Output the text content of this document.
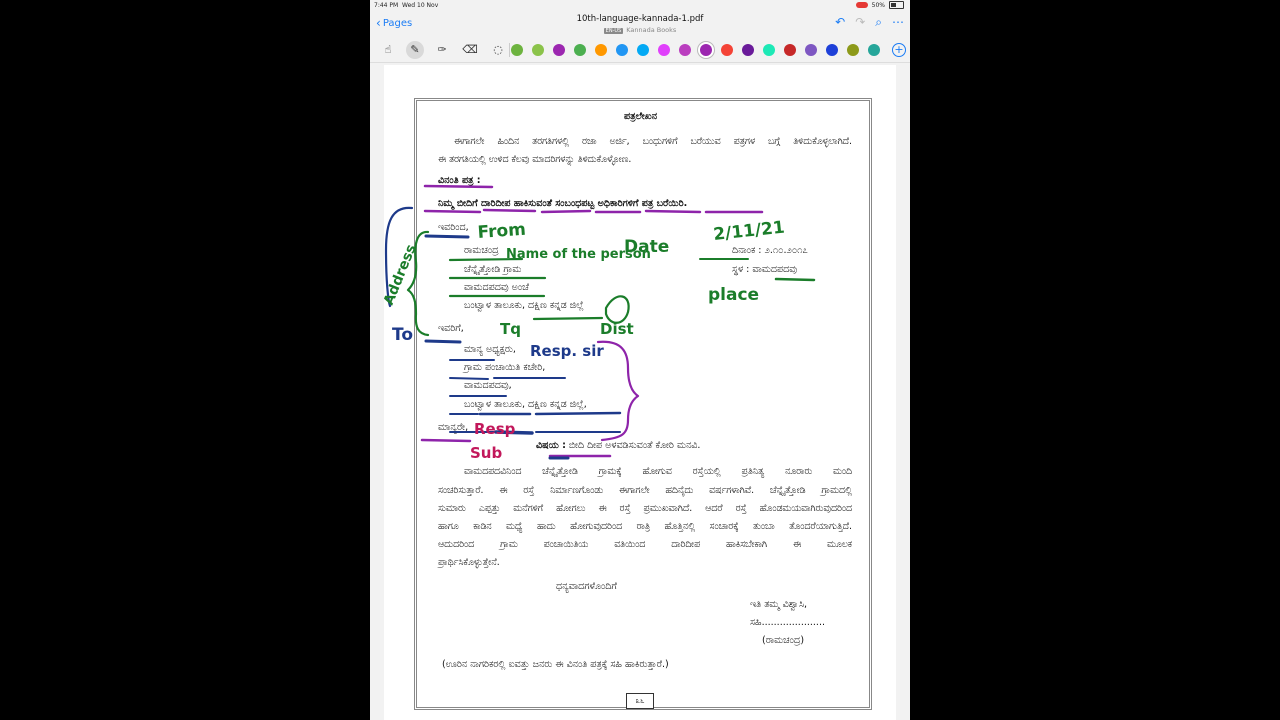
7:44 PM Wed 10 Nov	50%
‹ Pages	10th-language-kannada-1.pdf
EN-US Kannada Books
↶ ↷ ⌕ ⋯
☝	✎	✑	⌫	◌	+
ಪತ್ರಲೇಖನ
ಈಗಾಗಲೇ ಹಿಂದಿನ ತರಗತಿಗಳಲ್ಲಿ ರಜಾ ಅರ್ಜಿ, ಬಂಧುಗಳಿಗೆ ಬರೆಯುವ ಪತ್ರಗಳ ಬಗ್ಗೆ ತಿಳಿದುಕೊಳ್ಳಲಾಗಿದೆ.
ಈ ತರಗತಿಯಲ್ಲಿ ಉಳಿದ ಕೆಲವು ಮಾದರಿಗಳನ್ನು ತಿಳಿದುಕೊಳ್ಳೋಣ.
ವಿನಂತಿ ಪತ್ರ :
ನಿಮ್ಮ ಬೀದಿಗೆ ದಾರಿದೀಪ ಹಾಕಿಸುವಂತೆ ಸಂಬಂಧಪಟ್ಟ ಅಧಿಕಾರಿಗಳಿಗೆ ಪತ್ರ ಬರೆಯಿರಿ.
ಇವರಿಂದ,
ರಾಮಚಂದ್ರ
ಚೆನ್ನೈತ್ತೋಡಿ ಗ್ರಾಮ
ವಾಮದಪದವು ಅಂಚೆ
ಬಂಟ್ವಾಳ ತಾಲೂಕು, ದಕ್ಷಿಣ ಕನ್ನಡ ಜಿಲ್ಲೆ
ದಿನಾಂಕ : ೨.೧೦.೨೦೧೭
ಸ್ಥಳ : ವಾಮದಪದವು
ಇವರಿಗೆ,
ಮಾನ್ಯ ಅಧ್ಯಕ್ಷರು,
ಗ್ರಾಮ ಪಂಚಾಯಿತಿ ಕಚೇರಿ,
ವಾಮದಪದವು,
ಬಂಟ್ವಾಳ ತಾಲೂಕು, ದಕ್ಷಿಣ ಕನ್ನಡ ಜಿಲ್ಲೆ,
ಮಾನ್ಯರೇ,
ವಿಷಯ : ಬೀದಿ ದೀಪ ಅಳವಡಿಸುವಂತೆ ಕೋರಿ ಮನವಿ.
ವಾಮದಪದವಿನಿಂದ ಚೆನ್ನೈತ್ತೋಡಿ ಗ್ರಾಮಕ್ಕೆ ಹೋಗುವ ರಸ್ತೆಯಲ್ಲಿ ಪ್ರತಿನಿತ್ಯ ನೂರಾರು ಮಂದಿ
ಸಂಚರಿಸುತ್ತಾರೆ. ಈ ರಸ್ತೆ ನಿರ್ಮಾಣಗೊಂಡು ಈಗಾಗಲೇ ಹದಿನೈದು ವರ್ಷಗಳಾಗಿವೆ. ಚೆನ್ನೈತ್ತೋಡಿ ಗ್ರಾಮದಲ್ಲಿ
ಸುಮಾರು ಎಪ್ಪತ್ತು ಮನೆಗಳಿಗೆ ಹೋಗಲು ಈ ರಸ್ತೆ ಪ್ರಮುಖವಾಗಿದೆ. ಆದರೆ ರಸ್ತೆ ಹೊಂಡಮಯವಾಗಿರುವುದರಿಂದ
ಹಾಗೂ ಕಾಡಿನ ಮಧ್ಯೆ ಹಾದು ಹೋಗುವುದರಿಂದ ರಾತ್ರಿ ಹೊತ್ತಿನಲ್ಲಿ ಸಂಚಾರಕ್ಕೆ ತುಂಬಾ ತೊಂದರೆಯಾಗುತ್ತಿದೆ.
ಆದುದರಿಂದ ಗ್ರಾಮ ಪಂಚಾಯಿತಿಯ ವತಿಯಿಂದ ದಾರಿದೀಪ ಹಾಕಿಸಬೇಕಾಗಿ ಈ ಮೂಲಕ
ಪ್ರಾರ್ಥಿಸಿಕೊಳ್ಳುತ್ತೇನೆ.
ಧನ್ಯವಾದಗಳೊಂದಿಗೆ
ಇತಿ ತಮ್ಮ ವಿಶ್ವಾಸಿ,
ಸಹಿ.....................
(ರಾಮಚಂದ್ರ)
(ಊರಿನ ನಾಗರಿಕರಲ್ಲಿ ಐವತ್ತು ಜನರು ಈ ವಿನಂತಿ ಪತ್ರಕ್ಕೆ ಸಹಿ ಹಾಕಿರುತ್ತಾರೆ.)
೩೬
From
Name of the person
Date
2/11/21
place
Address
To	Tq	Dist
Resp. sir
Resp
Sub
